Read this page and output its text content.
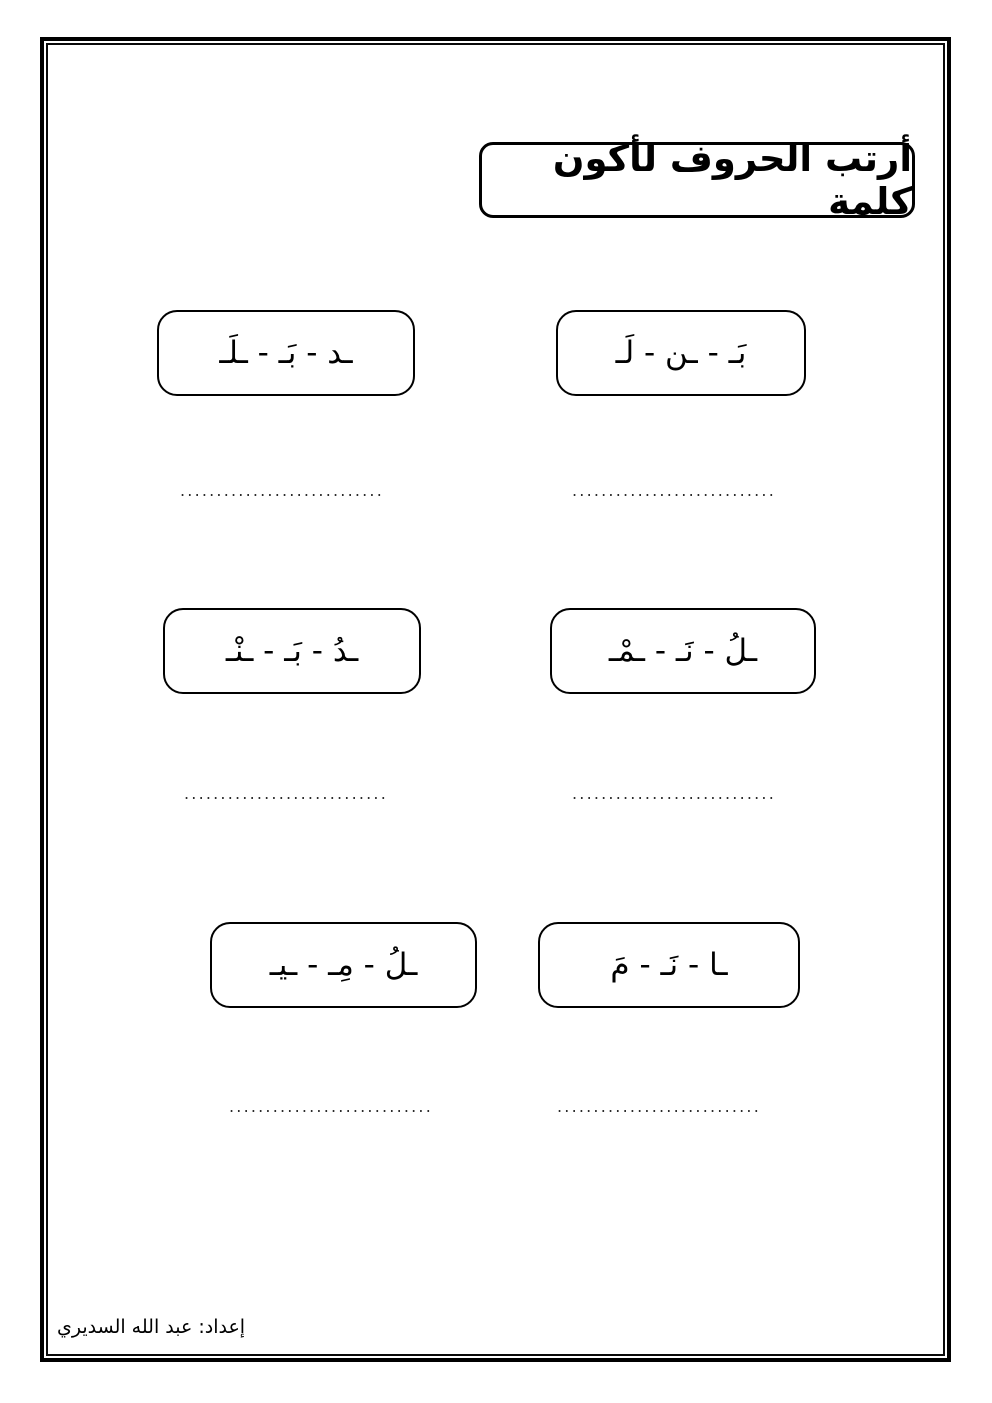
أرتب الحروف لأكون كلمة
بَـ - ـن - لَـ
ـد - بَـ - ـلَـ
ـلُ - نَـ - ـمْـ
ـدُ - بَـ - ـنْـ
ـا - نَـ - مَ
ـلُ - مِـ - ـيـ
............................
............................
............................
............................
............................
............................
إعداد: عبد الله السديري
